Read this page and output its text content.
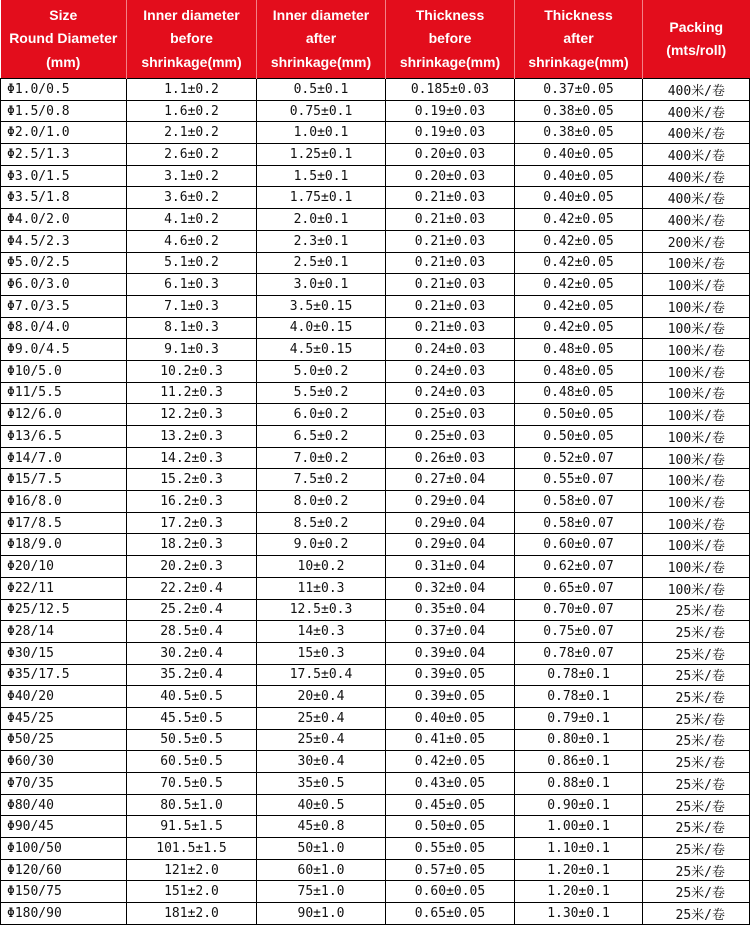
Size
Round Diameter
(mm)	Inner diameter
before
shrinkage(mm)	Inner diameter
after
shrinkage(mm)	Thickness
before
shrinkage(mm)	Thickness
after
shrinkage(mm)	Packing
(mts/roll)

Φ1.0/0.5	1.1±0.2	0.5±0.1	0.185±0.03	0.37±0.05	400米/卷
Φ1.5/0.8	1.6±0.2	0.75±0.1	0.19±0.03	0.38±0.05	400米/卷
Φ2.0/1.0	2.1±0.2	1.0±0.1	0.19±0.03	0.38±0.05	400米/卷
Φ2.5/1.3	2.6±0.2	1.25±0.1	0.20±0.03	0.40±0.05	400米/卷
Φ3.0/1.5	3.1±0.2	1.5±0.1	0.20±0.03	0.40±0.05	400米/卷
Φ3.5/1.8	3.6±0.2	1.75±0.1	0.21±0.03	0.40±0.05	400米/卷
Φ4.0/2.0	4.1±0.2	2.0±0.1	0.21±0.03	0.42±0.05	400米/卷
Φ4.5/2.3	4.6±0.2	2.3±0.1	0.21±0.03	0.42±0.05	200米/卷
Φ5.0/2.5	5.1±0.2	2.5±0.1	0.21±0.03	0.42±0.05	100米/卷
Φ6.0/3.0	6.1±0.3	3.0±0.1	0.21±0.03	0.42±0.05	100米/卷
Φ7.0/3.5	7.1±0.3	3.5±0.15	0.21±0.03	0.42±0.05	100米/卷
Φ8.0/4.0	8.1±0.3	4.0±0.15	0.21±0.03	0.42±0.05	100米/卷
Φ9.0/4.5	9.1±0.3	4.5±0.15	0.24±0.03	0.48±0.05	100米/卷
Φ10/5.0	10.2±0.3	5.0±0.2	0.24±0.03	0.48±0.05	100米/卷
Φ11/5.5	11.2±0.3	5.5±0.2	0.24±0.03	0.48±0.05	100米/卷
Φ12/6.0	12.2±0.3	6.0±0.2	0.25±0.03	0.50±0.05	100米/卷
Φ13/6.5	13.2±0.3	6.5±0.2	0.25±0.03	0.50±0.05	100米/卷
Φ14/7.0	14.2±0.3	7.0±0.2	0.26±0.03	0.52±0.07	100米/卷
Φ15/7.5	15.2±0.3	7.5±0.2	0.27±0.04	0.55±0.07	100米/卷
Φ16/8.0	16.2±0.3	8.0±0.2	0.29±0.04	0.58±0.07	100米/卷
Φ17/8.5	17.2±0.3	8.5±0.2	0.29±0.04	0.58±0.07	100米/卷
Φ18/9.0	18.2±0.3	9.0±0.2	0.29±0.04	0.60±0.07	100米/卷
Φ20/10	20.2±0.3	10±0.2	0.31±0.04	0.62±0.07	100米/卷
Φ22/11	22.2±0.4	11±0.3	0.32±0.04	0.65±0.07	100米/卷
Φ25/12.5	25.2±0.4	12.5±0.3	0.35±0.04	0.70±0.07	25米/卷
Φ28/14	28.5±0.4	14±0.3	0.37±0.04	0.75±0.07	25米/卷
Φ30/15	30.2±0.4	15±0.3	0.39±0.04	0.78±0.07	25米/卷
Φ35/17.5	35.2±0.4	17.5±0.4	0.39±0.05	0.78±0.1	25米/卷
Φ40/20	40.5±0.5	20±0.4	0.39±0.05	0.78±0.1	25米/卷
Φ45/25	45.5±0.5	25±0.4	0.40±0.05	0.79±0.1	25米/卷
Φ50/25	50.5±0.5	25±0.4	0.41±0.05	0.80±0.1	25米/卷
Φ60/30	60.5±0.5	30±0.4	0.42±0.05	0.86±0.1	25米/卷
Φ70/35	70.5±0.5	35±0.5	0.43±0.05	0.88±0.1	25米/卷
Φ80/40	80.5±1.0	40±0.5	0.45±0.05	0.90±0.1	25米/卷
Φ90/45	91.5±1.5	45±0.8	0.50±0.05	1.00±0.1	25米/卷
Φ100/50	101.5±1.5	50±1.0	0.55±0.05	1.10±0.1	25米/卷
Φ120/60	121±2.0	60±1.0	0.57±0.05	1.20±0.1	25米/卷
Φ150/75	151±2.0	75±1.0	0.60±0.05	1.20±0.1	25米/卷
Φ180/90	181±2.0	90±1.0	0.65±0.05	1.30±0.1	25米/卷
